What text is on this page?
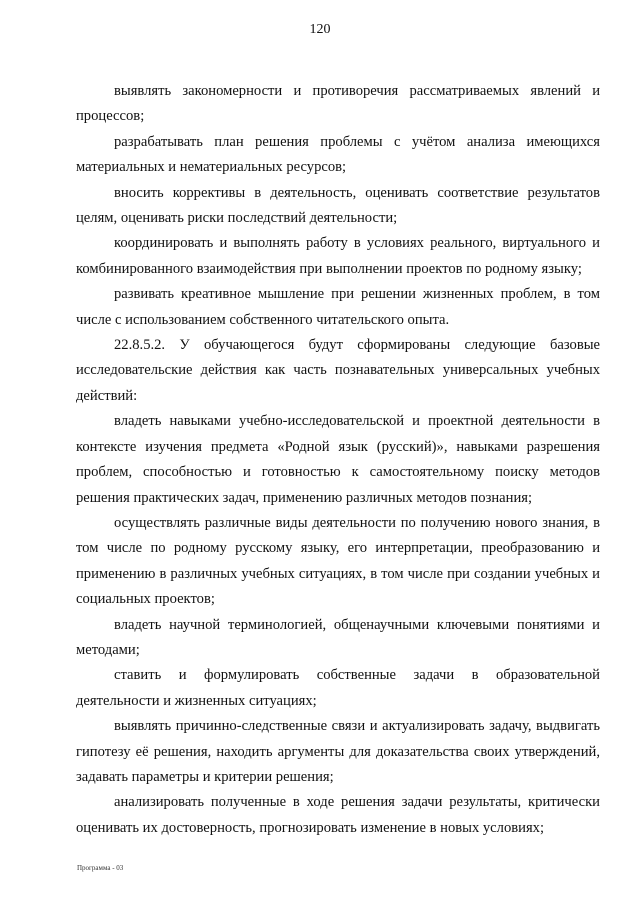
120

выявлять закономерности и противоречия рассматриваемых явлений и процессов;

разрабатывать план решения проблемы с учётом анализа имеющихся материальных и нематериальных ресурсов;

вносить коррективы в деятельность, оценивать соответствие результатов целям, оценивать риски последствий деятельности;

координировать и выполнять работу в условиях реального, виртуального и комбинированного взаимодействия при выполнении проектов по родному языку;

развивать креативное мышление при решении жизненных проблем, в том числе с использованием собственного читательского опыта.

22.8.5.2. У обучающегося будут сформированы следующие базовые исследовательские действия как часть познавательных универсальных учебных действий:

владеть навыками учебно-исследовательской и проектной деятельности в контексте изучения предмета «Родной язык (русский)», навыками разрешения проблем, способностью и готовностью к самостоятельному поиску методов решения практических задач, применению различных методов познания;

осуществлять различные виды деятельности по получению нового знания, в том числе по родному русскому языку, его интерпретации, преобразованию и применению в различных учебных ситуациях, в том числе при создании учебных и социальных проектов;

владеть научной терминологией, общенаучными ключевыми понятиями и методами;

ставить и формулировать собственные задачи в образовательной деятельности и жизненных ситуациях;

выявлять причинно-следственные связи и актуализировать задачу, выдвигать гипотезу её решения, находить аргументы для доказательства своих утверждений, задавать параметры и критерии решения;

анализировать полученные в ходе решения задачи результаты, критически оценивать их достоверность, прогнозировать изменение в новых условиях;

Программа - 03
